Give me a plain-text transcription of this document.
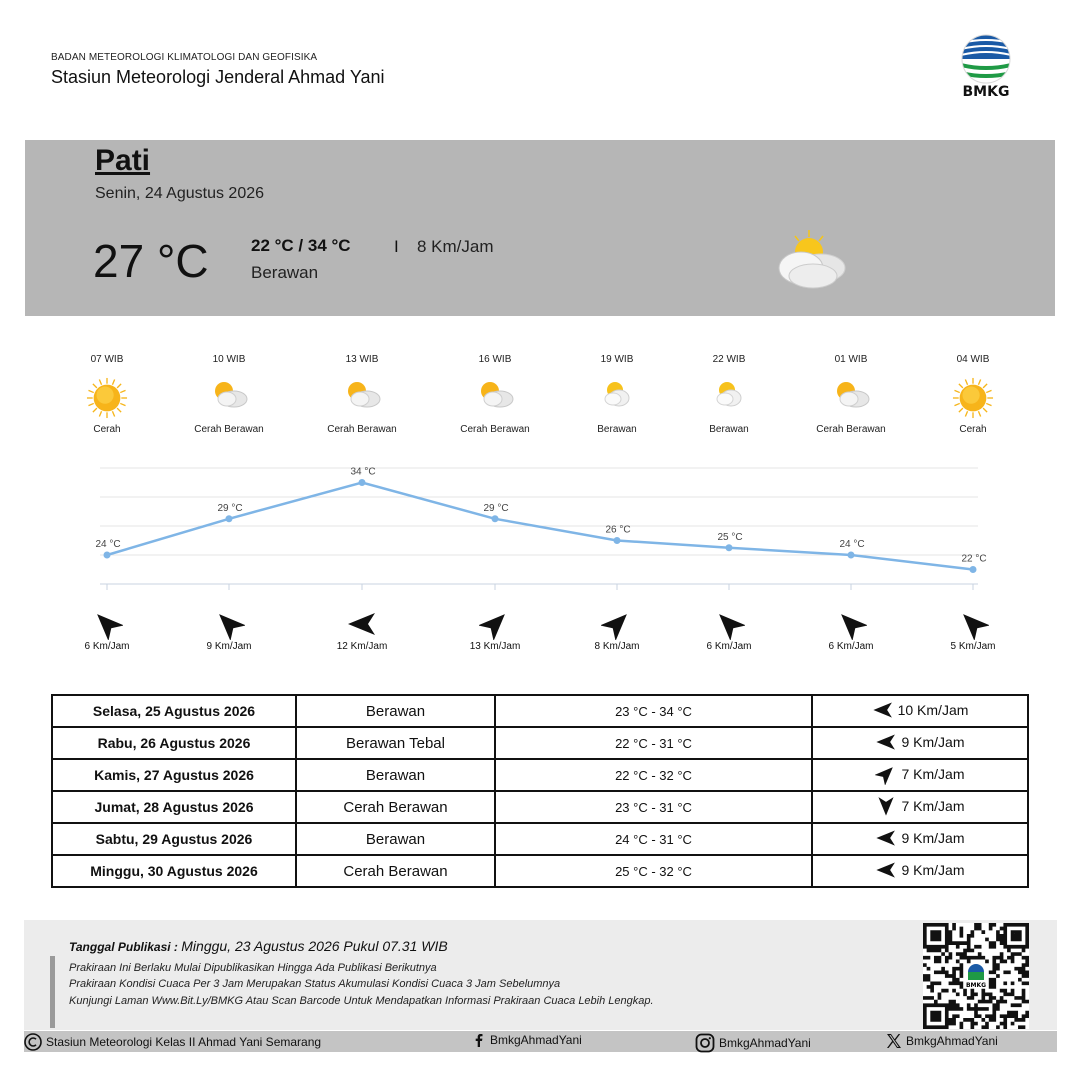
BADAN METEOROLOGI KLIMATOLOGI DAN GEOFISIKA
Stasiun Meteorologi Jenderal Ahmad Yani
BMKG
Pati
Senin, 24 Agustus 2026
27 °C 22 °C / 34 °C	I 8 Km/Jam
Berawan
07 WIB
Cerah
10 WIB
Cerah Berawan
13 WIB
Cerah Berawan
16 WIB
Cerah Berawan
19 WIB
Berawan
22 WIB
Berawan
01 WIB
Cerah Berawan
04 WIB
Cerah
24 °C
29 °C
34 °C
29 °C
26 °C
25 °C
24 °C
22 °C
6 Km/Jam	9 Km/Jam	12 Km/Jam	13 Km/Jam	8 Km/Jam	6 Km/Jam	6 Km/Jam	5 Km/Jam
Selasa, 25 Agustus 2026	Berawan	23 °C - 34 °C	10 Km/Jam

Rabu, 26 Agustus 2026	Berawan Tebal	22 °C - 31 °C	9 Km/Jam

Kamis, 27 Agustus 2026	Berawan	22 °C - 32 °C	7 Km/Jam

Jumat, 28 Agustus 2026	Cerah Berawan	23 °C - 31 °C	7 Km/Jam

Sabtu, 29 Agustus 2026	Berawan	24 °C - 31 °C	9 Km/Jam

Minggu, 30 Agustus 2026	Cerah Berawan	25 °C - 32 °C	9 Km/Jam
Tanggal Publikasi : Minggu, 23 Agustus 2026 Pukul 07.31 WIB
Prakiraan Ini Berlaku Mulai Dipublikasikan Hingga Ada Publikasi Berikutnya
Prakiraan Kondisi Cuaca Per 3 Jam Merupakan Status Akumulasi Kondisi Cuaca 3 Jam Sebelumnya
Kunjungi Laman Www.Bit.Ly/BMKG Atau Scan Barcode Untuk Mendapatkan Informasi Prakiraan Cuaca Lebih Lengkap.
BMKG
Stasiun Meteorologi Kelas II Ahmad Yani Semarang	BmkgAhmadYani	BmkgAhmadYani	BmkgAhmadYani
